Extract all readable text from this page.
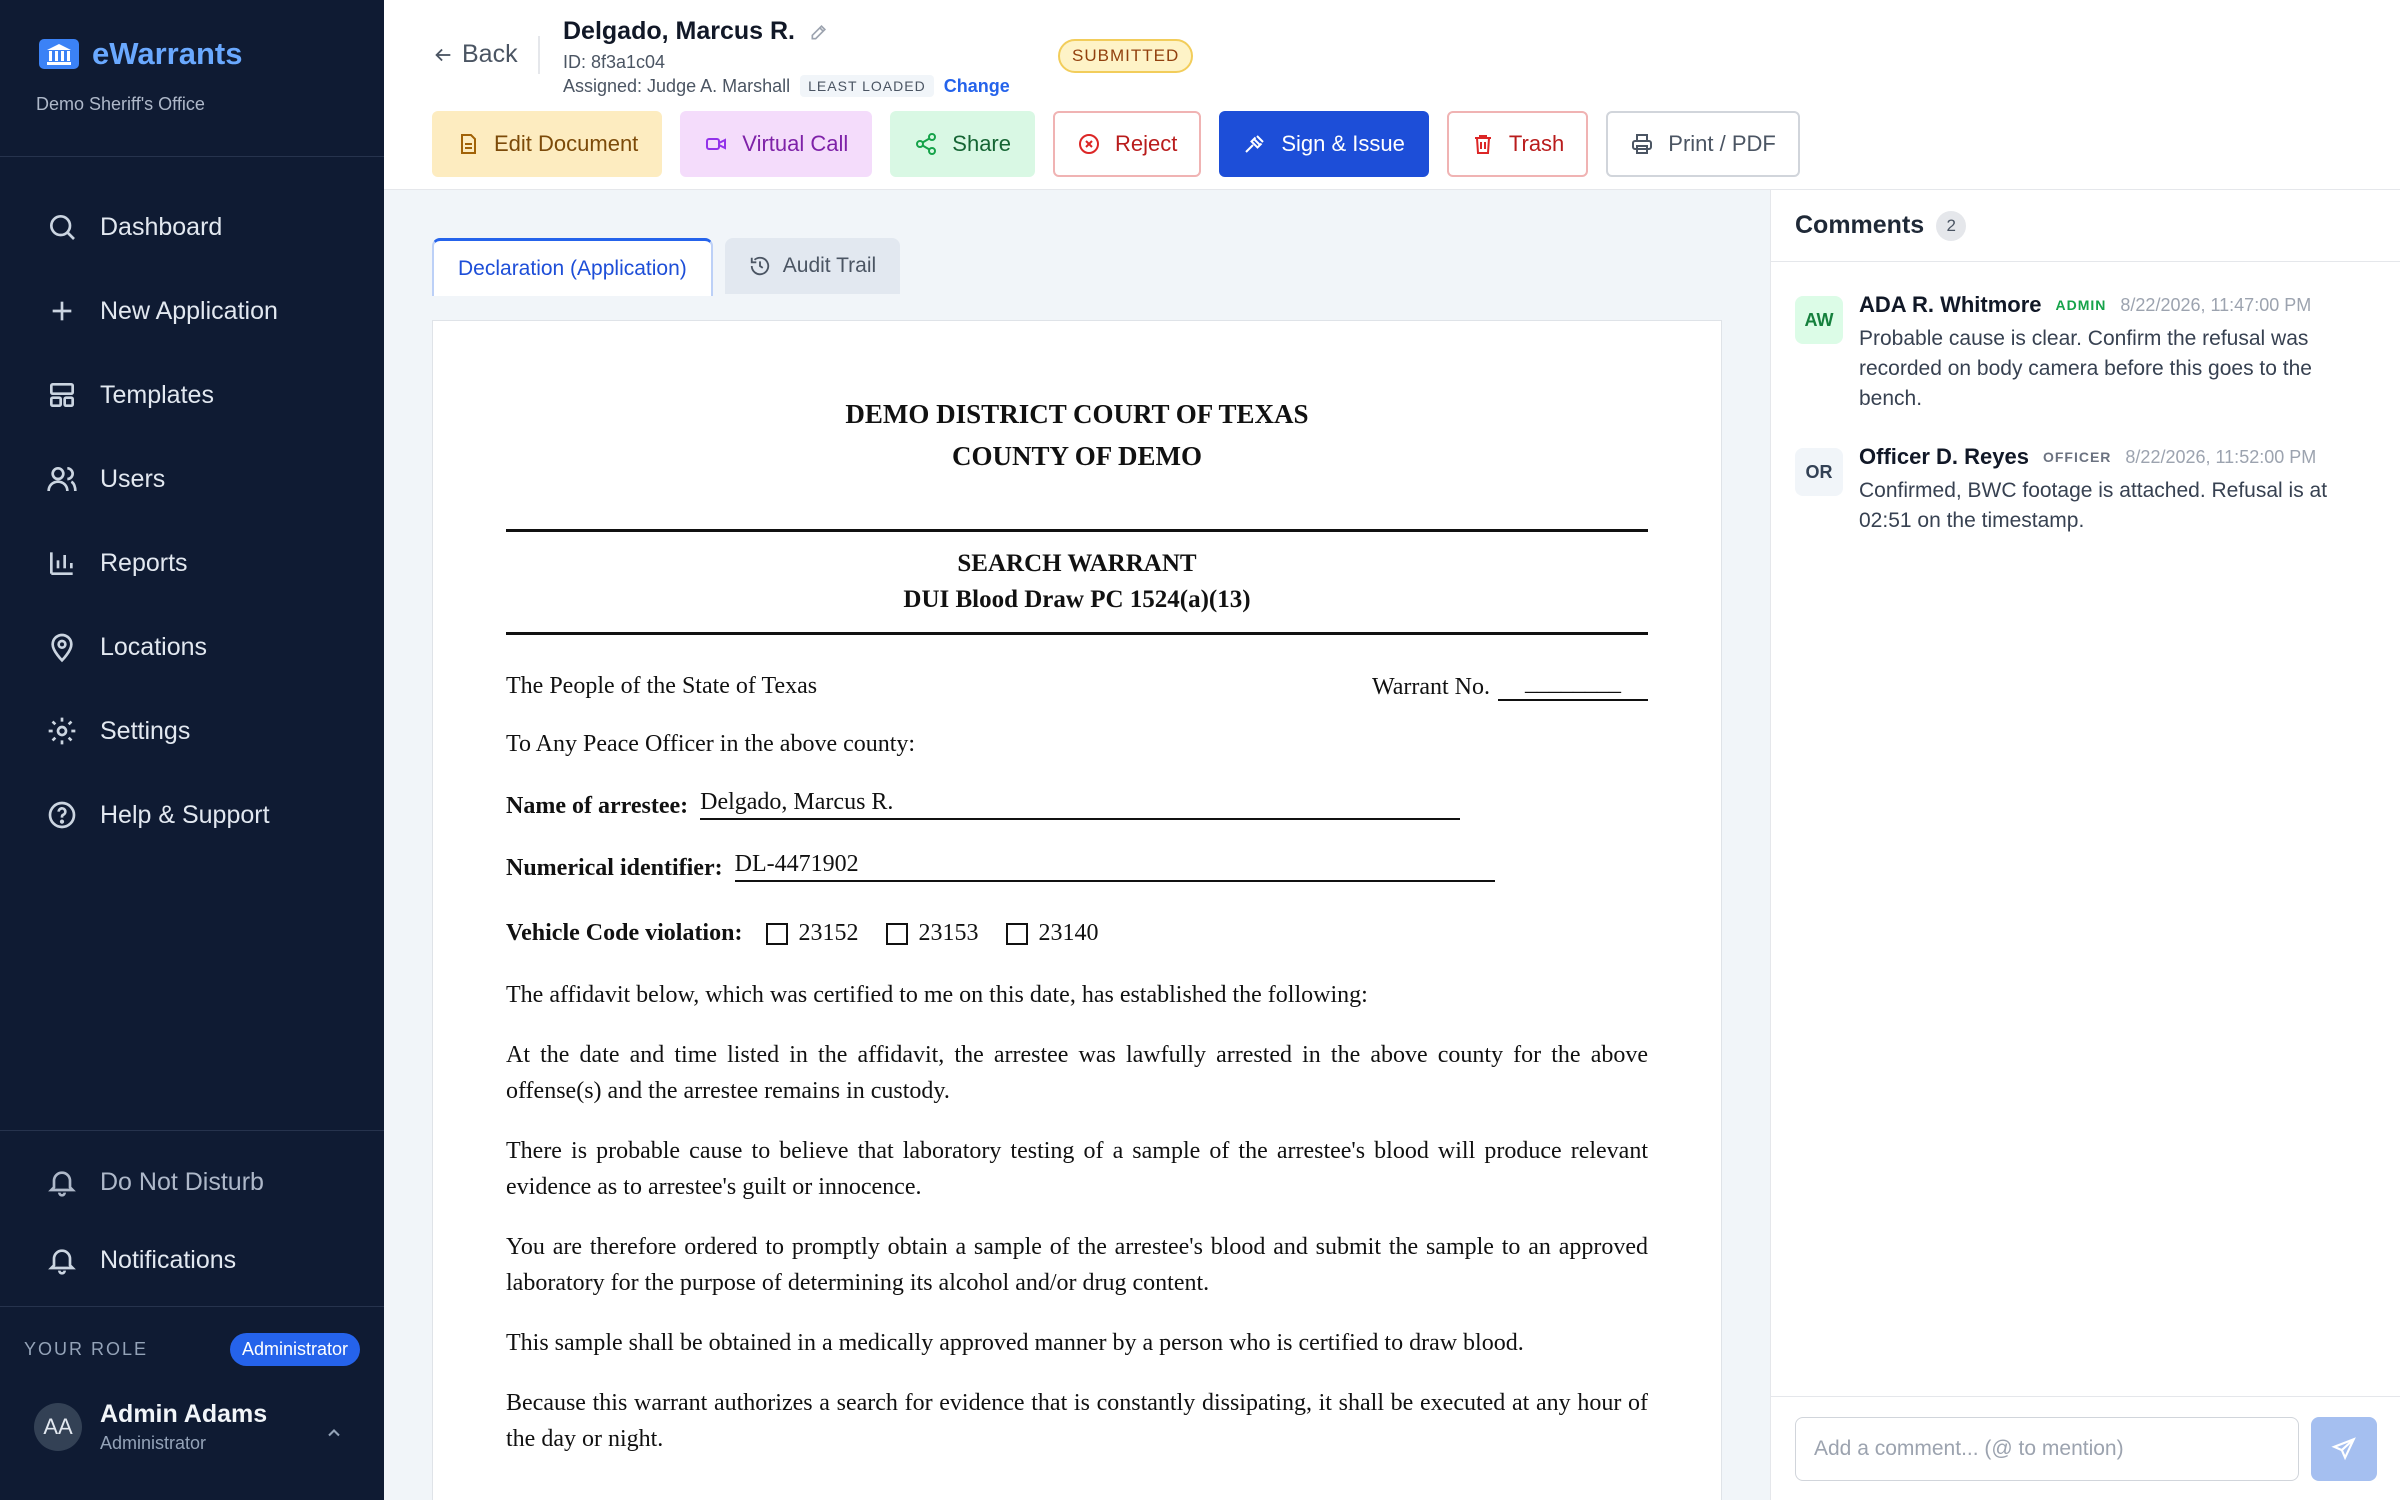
eWarrants
Demo Sheriff's Office
Dashboard
New Application
Templates
Users
Reports
Locations
Settings
Help & Support
Do Not Disturb
Notifications
YOUR ROLE	Administrator
AA	Admin Adams
Administrator
Back
Delgado, Marcus R.
ID: 8f3a1c04
Assigned: Judge A. Marshall	LEAST LOADED	Change
SUBMITTED
Edit Document	Virtual Call	Share	Reject	Sign & Issue	Trash	Print / PDF
Declaration (Application)	Audit Trail
DEMO DISTRICT COURT OF TEXAS
COUNTY OF DEMO
SEARCH WARRANT
DUI Blood Draw PC 1524(a)(13)
The People of the State of Texas	Warrant No.	________
To Any Peace Officer in the above county:
Name of arrestee: Delgado, Marcus R.
Numerical identifier: DL-4471902
Vehicle Code violation: 23152	23153	23140

The affidavit below, which was certified to me on this date, has established the following:

At the date and time listed in the affidavit, the arrestee was lawfully arrested in the above county for the above offense(s) and the arrestee remains in custody.

There is probable cause to believe that laboratory testing of a sample of the arrestee's blood will produce relevant evidence as to arrestee's guilt or innocence.

You are therefore ordered to promptly obtain a sample of the arrestee's blood and submit the sample to an approved laboratory for the purpose of determining its alcohol and/or drug content.

This sample shall be obtained in a medically approved manner by a person who is certified to draw blood.

Because this warrant authorizes a search for evidence that is constantly dissipating, it shall be executed at any hour of the day or night.

Comments	2
AW
ADA R. Whitmore ADMIN 8/22/2026, 11:47:00 PM
Probable cause is clear. Confirm the refusal was recorded on body camera before this goes to the bench.
OR
Officer D. Reyes OFFICER 8/22/2026, 11:52:00 PM
Confirmed, BWC footage is attached. Refusal is at 02:51 on the timestamp.
Add a comment... (@ to mention)
